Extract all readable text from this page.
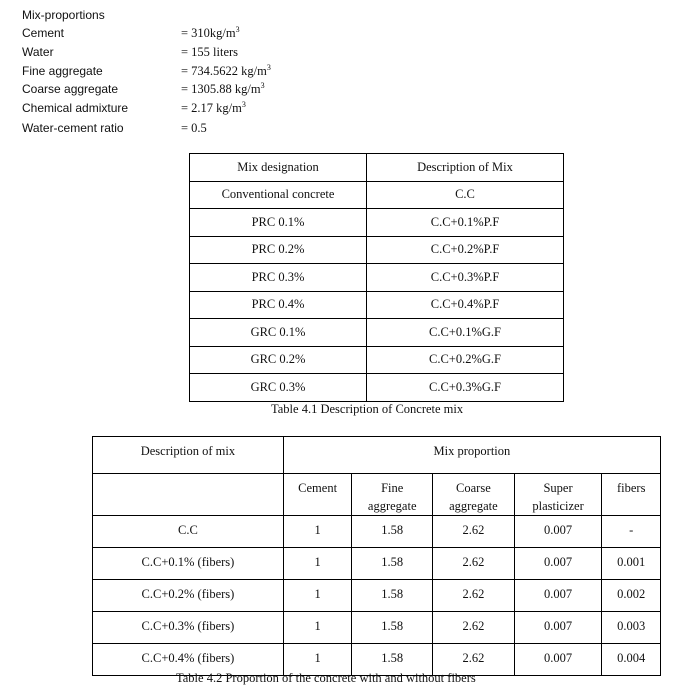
Mix-proportions
Cement	= $310kg/m^3$
Water	= 155 liters
Fine aggregate	= 734.5622 $kg/m^3$
Coarse aggregate	= 1305.88 $kg/m^3$
Chemical admixture	= 2.17 $kg/m^3$
Water-cement ratio	= 0.5
Mix designation	Description of Mix
Conventional concrete	C.C
PRC 0.1%	C.C+0.1%P.F
PRC 0.2%	C.C+0.2%P.F
PRC 0.3%	C.C+0.3%P.F
PRC 0.4%	C.C+0.4%P.F
GRC 0.1%	C.C+0.1%G.F
GRC 0.2%	C.C+0.2%G.F
GRC 0.3%	C.C+0.3%G.F
Table 4.1 Description of Concrete mix
Description of mix	Mix proportion				

	Cement	Fine aggregate	Coarse aggregate	Super plasticizer	fibers
C.C	1	1.58	2.62	0.007	-
C.C+0.1% (fibers)	1	1.58	2.62	0.007	0.001
C.C+0.2% (fibers)	1	1.58	2.62	0.007	0.002
C.C+0.3% (fibers)	1	1.58	2.62	0.007	0.003
C.C+0.4% (fibers)	1	1.58	2.62	0.007	0.004
Table 4.2 Proportion of the concrete with and without fibers
